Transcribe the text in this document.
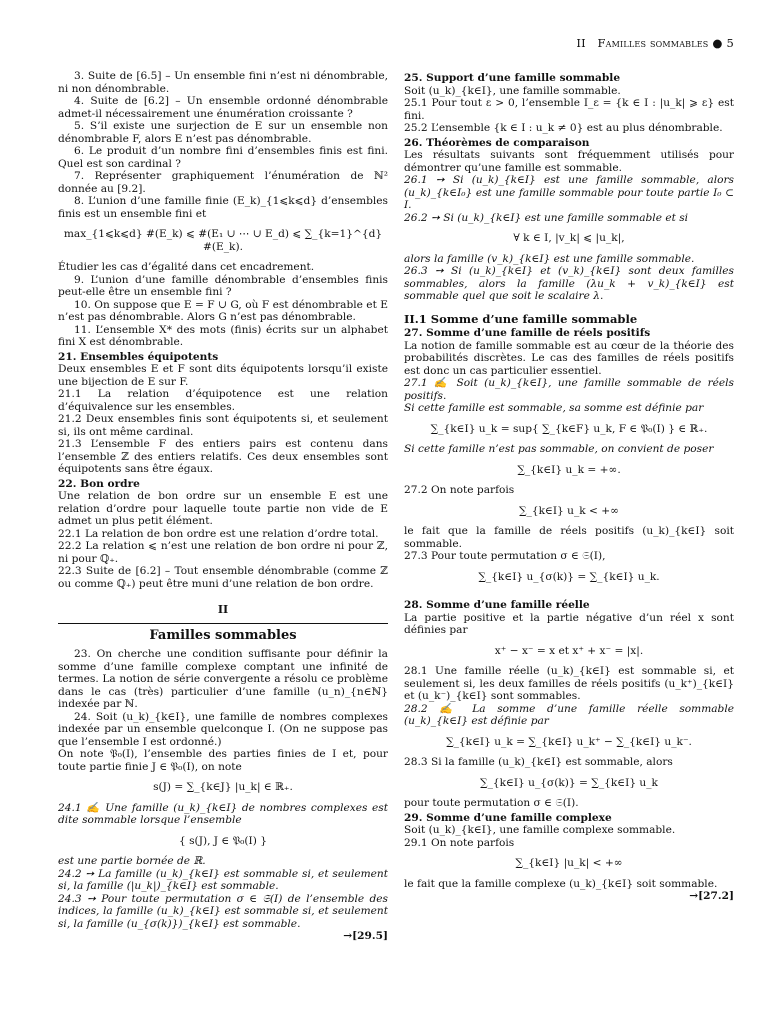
II Familles sommables ● 5

3. Suite de [6.5] – Un ensemble fini n’est ni dénombrable, ni non dénombrable.

4. Suite de [6.2] – Un ensemble ordonné dénombrable admet-il nécessairement une énumération croissante ?

5. S’il existe une surjection de E sur un ensemble non dénombrable F, alors E n’est pas dénombrable.

6. Le produit d’un nombre fini d’ensembles finis est fini. Quel est son cardinal ?

7. Représenter graphiquement l’énumération de ℕ² donnée au [9.2].

8. L’union d’une famille finie (E_k)_{1⩽k⩽d} d’ensembles finis est un ensemble fini et

max_{1⩽k⩽d} #(E_k) ⩽ #(E₁ ∪ ⋯ ∪ E_d) ⩽ ∑_{k=1}^{d} #(E_k).

Étudier les cas d’égalité dans cet encadrement.

9. L’union d’une famille dénombrable d’ensembles finis peut-elle être un ensemble fini ?

10. On suppose que E = F ∪ G, où F est dénombrable et E n’est pas dénombrable. Alors G n’est pas dénombrable.

11. L’ensemble X* des mots (finis) écrits sur un alphabet fini X est dénombrable.

21. Ensembles équipotents

Deux ensembles E et F sont dits équipotents lorsqu’il existe une bijection de E sur F.

21.1 La relation d’équipotence est une relation d’équivalence sur les ensembles.

21.2 Deux ensembles finis sont équipotents si, et seulement si, ils ont même cardinal.

21.3 L’ensemble F des entiers pairs est contenu dans l’ensemble ℤ des entiers relatifs. Ces deux ensembles sont équipotents sans être égaux.

22. Bon ordre

Une relation de bon ordre sur un ensemble E est une relation d’ordre pour laquelle toute partie non vide de E admet un plus petit élément.

22.1 La relation de bon ordre est une relation d’ordre total.

22.2 La relation ⩽ n’est une relation de bon ordre ni pour ℤ, ni pour ℚ₊.

22.3 Suite de [6.2] – Tout ensemble dénombrable (comme ℤ ou comme ℚ₊) peut être muni d’une relation de bon ordre.

II
Familles sommables

23. On cherche une condition suffisante pour définir la somme d’une famille complexe comptant une infinité de termes. La notion de série convergente a résolu ce problème dans le cas (très) particulier d’une famille (u_n)_{n∈ℕ} indexée par ℕ.

24. Soit (u_k)_{k∈I}, une famille de nombres complexes indexée par un ensemble quelconque I. (On ne suppose pas que l’ensemble I est ordonné.)

On note 𝔓₀(I), l’ensemble des parties finies de I et, pour toute partie finie J ∈ 𝔓₀(I), on note

s(J) = ∑_{k∈J} |u_k| ∈ ℝ₊.

24.1 ✍ Une famille (u_k)_{k∈I} de nombres complexes est dite sommable lorsque l’ensemble

{ s(J), J ∈ 𝔓₀(I) }

est une partie bornée de ℝ.

24.2 ➙ La famille (u_k)_{k∈I} est sommable si, et seulement si, la famille (|u_k|)_{k∈I} est sommable.

24.3 ➙ Pour toute permutation σ ∈ 𝔖(I) de l’ensemble des indices, la famille (u_k)_{k∈I} est sommable si, et seulement si, la famille (u_{σ(k)})_{k∈I} est sommable.

→[29.5]

25. Support d’une famille sommable

Soit (u_k)_{k∈I}, une famille sommable.

25.1 Pour tout ε > 0, l’ensemble I_ε = {k ∈ I : |u_k| ⩾ ε} est fini.

25.2 L’ensemble {k ∈ I : u_k ≠ 0} est au plus dénombrable.

26. Théorèmes de comparaison

Les résultats suivants sont fréquemment utilisés pour démontrer qu’une famille est sommable.

26.1 ➙ Si (u_k)_{k∈I} est une famille sommable, alors (u_k)_{k∈I₀} est une famille sommable pour toute partie I₀ ⊂ I.

26.2 ➙ Si (u_k)_{k∈I} est une famille sommable et si

∀ k ∈ I, |v_k| ⩽ |u_k|,

alors la famille (v_k)_{k∈I} est une famille sommable.

26.3 ➙ Si (u_k)_{k∈I} et (v_k)_{k∈I} sont deux familles sommables, alors la famille (λu_k + v_k)_{k∈I} est sommable quel que soit le scalaire λ.

II.1 Somme d’une famille sommable

27. Somme d’une famille de réels positifs

La notion de famille sommable est au cœur de la théorie des probabilités discrètes. Le cas des familles de réels positifs est donc un cas particulier essentiel.

27.1 ✍ Soit (u_k)_{k∈I}, une famille sommable de réels positifs.

Si cette famille est sommable, sa somme est définie par

∑_{k∈I} u_k = sup{ ∑_{k∈F} u_k, F ∈ 𝔓₀(I) } ∈ ℝ₊.

Si cette famille n’est pas sommable, on convient de poser

∑_{k∈I} u_k = +∞.

27.2 On note parfois

∑_{k∈I} u_k < +∞

le fait que la famille de réels positifs (u_k)_{k∈I} soit sommable.

27.3 Pour toute permutation σ ∈ 𝔖(I),

∑_{k∈I} u_{σ(k)} = ∑_{k∈I} u_k.

28. Somme d’une famille réelle

La partie positive et la partie négative d’un réel x sont définies par

x⁺ − x⁻ = x et x⁺ + x⁻ = |x|.

28.1 Une famille réelle (u_k)_{k∈I} est sommable si, et seulement si, les deux familles de réels positifs (u_k⁺)_{k∈I} et (u_k⁻)_{k∈I} sont sommables.

28.2 ✍ La somme d’une famille réelle sommable (u_k)_{k∈I} est définie par

∑_{k∈I} u_k = ∑_{k∈I} u_k⁺ − ∑_{k∈I} u_k⁻.

28.3 Si la famille (u_k)_{k∈I} est sommable, alors

∑_{k∈I} u_{σ(k)} = ∑_{k∈I} u_k

pour toute permutation σ ∈ 𝔖(I).

29. Somme d’une famille complexe

Soit (u_k)_{k∈I}, une famille complexe sommable.

29.1 On note parfois

∑_{k∈I} |u_k| < +∞

le fait que la famille complexe (u_k)_{k∈I} soit sommable.

→[27.2]
